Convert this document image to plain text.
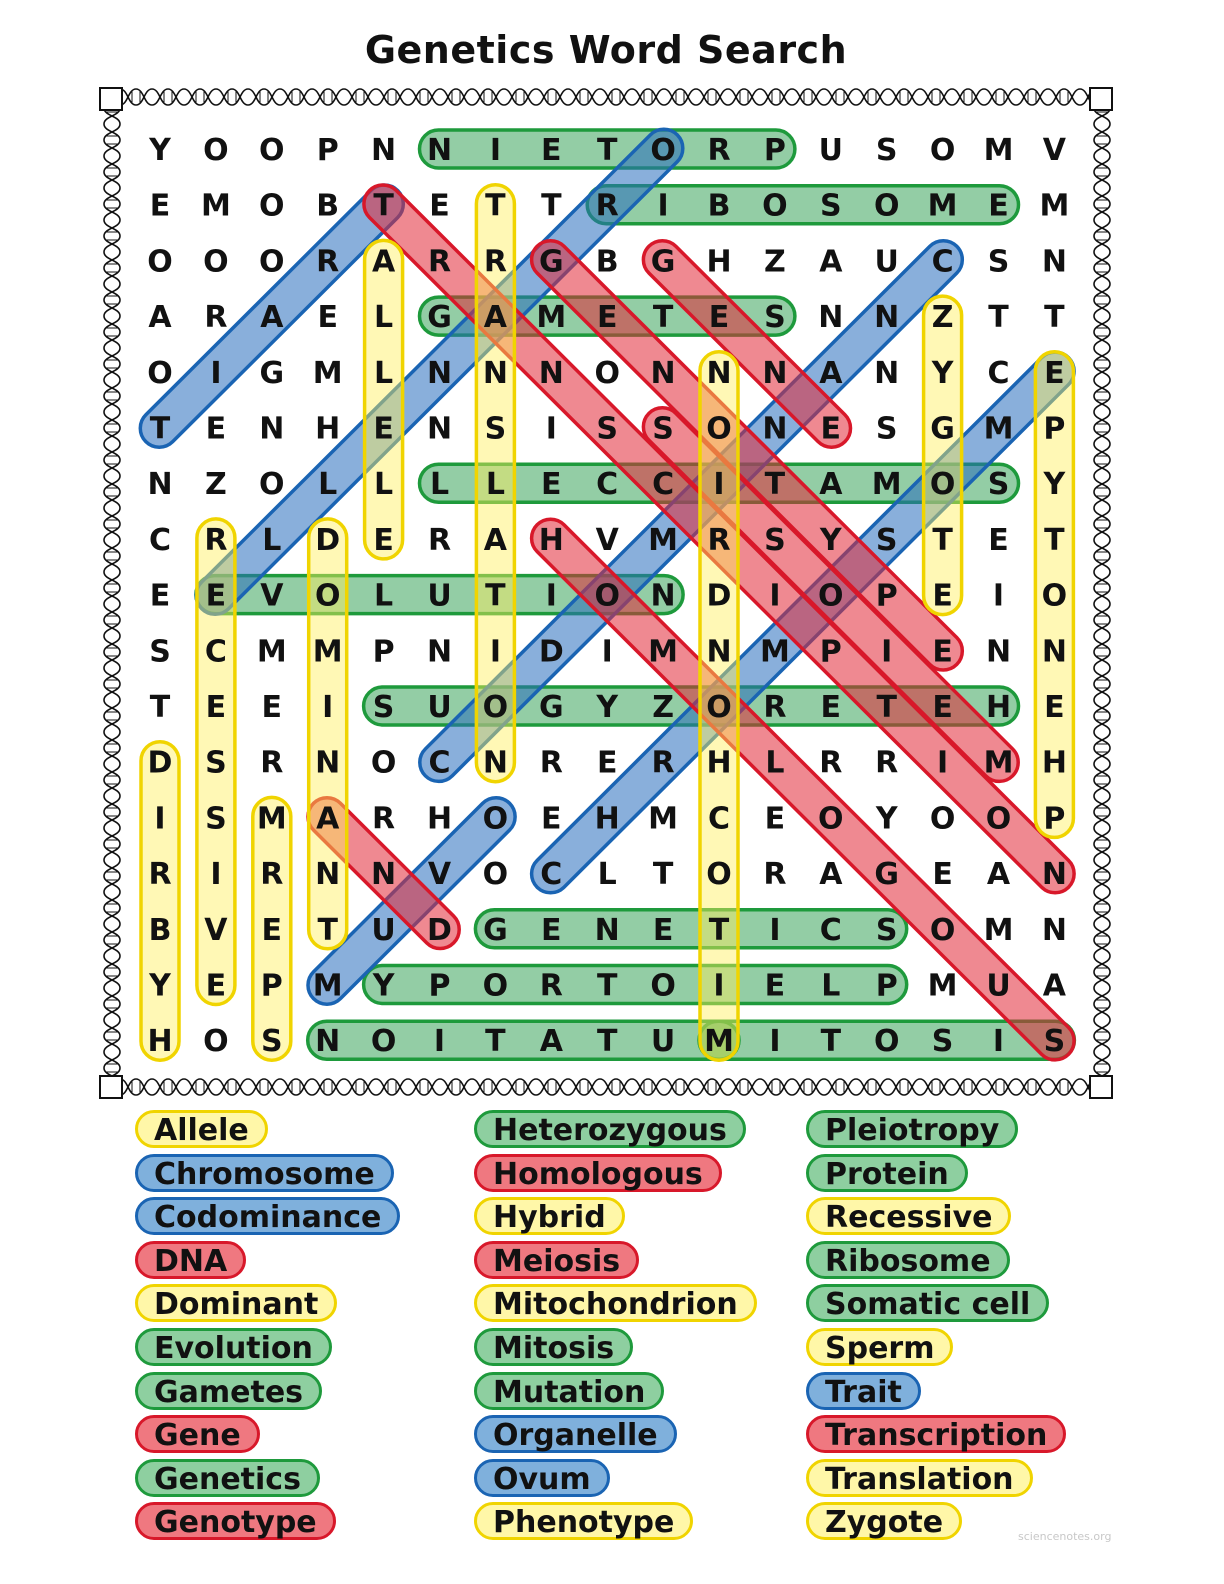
Genetics Word Search
Y O O P N N I E T O R P U S O M V
E M O B T E T T R I B O S O M E M
O O O R A R R G B G H Z A U C S N
A R A E L G A M E T E S N N Z T T
O I G M L N N N O N N N A N Y C E
T E N H E N S I S S O N E S G M P
N Z O L L L L E C C I T A M O S Y
C R L D E R A H V M R S Y S T E T
E E V O L U T I O N D I O P E I O
S C M M P N I D I M N M P I E N N
T E E I S U O G Y Z O R E T E H E
D S R N O C N R E R H L R R I M H
I S M A R H O E H M C E O Y O O P
R I R N N V O C L T O R A G E A N
B V E T U D G E N E T I C S O M N
Y E P M Y P O R T O I E L P M U A
H O S N O I T A T U M I T O S I S
Allele
Chromosome
Codominance
DNA
Dominant
Evolution
Gametes
Gene
Genetics
Genotype
Heterozygous
Homologous
Hybrid
Meiosis
Mitochondrion
Mitosis
Mutation
Organelle
Ovum
Phenotype
Pleiotropy
Protein
Recessive
Ribosome
Somatic cell
Sperm
Trait
Transcription
Translation
Zygote	sciencenotes.org
